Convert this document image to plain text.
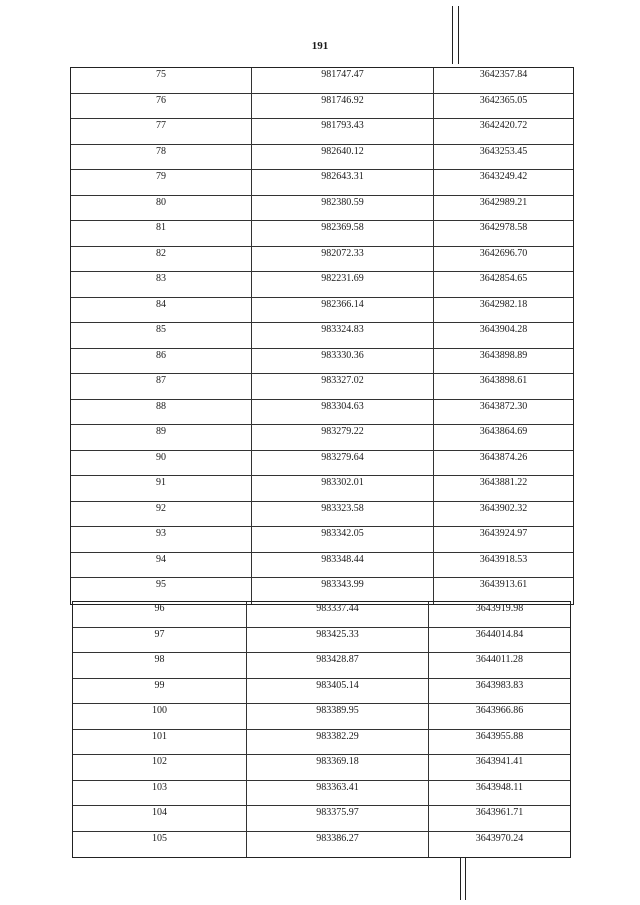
191
75	981747.47	3642357.84
76	981746.92	3642365.05
77	981793.43	3642420.72
78	982640.12	3643253.45
79	982643.31	3643249.42
80	982380.59	3642989.21
81	982369.58	3642978.58
82	982072.33	3642696.70
83	982231.69	3642854.65
84	982366.14	3642982.18
85	983324.83	3643904.28
86	983330.36	3643898.89
87	983327.02	3643898.61
88	983304.63	3643872.30
89	983279.22	3643864.69
90	983279.64	3643874.26
91	983302.01	3643881.22
92	983323.58	3643902.32
93	983342.05	3643924.97
94	983348.44	3643918.53
95	983343.99	3643913.61
96	983337.44	3643919.98
97	983425.33	3644014.84
98	983428.87	3644011.28
99	983405.14	3643983.83
100	983389.95	3643966.86
101	983382.29	3643955.88
102	983369.18	3643941.41
103	983363.41	3643948.11
104	983375.97	3643961.71
105	983386.27	3643970.24
